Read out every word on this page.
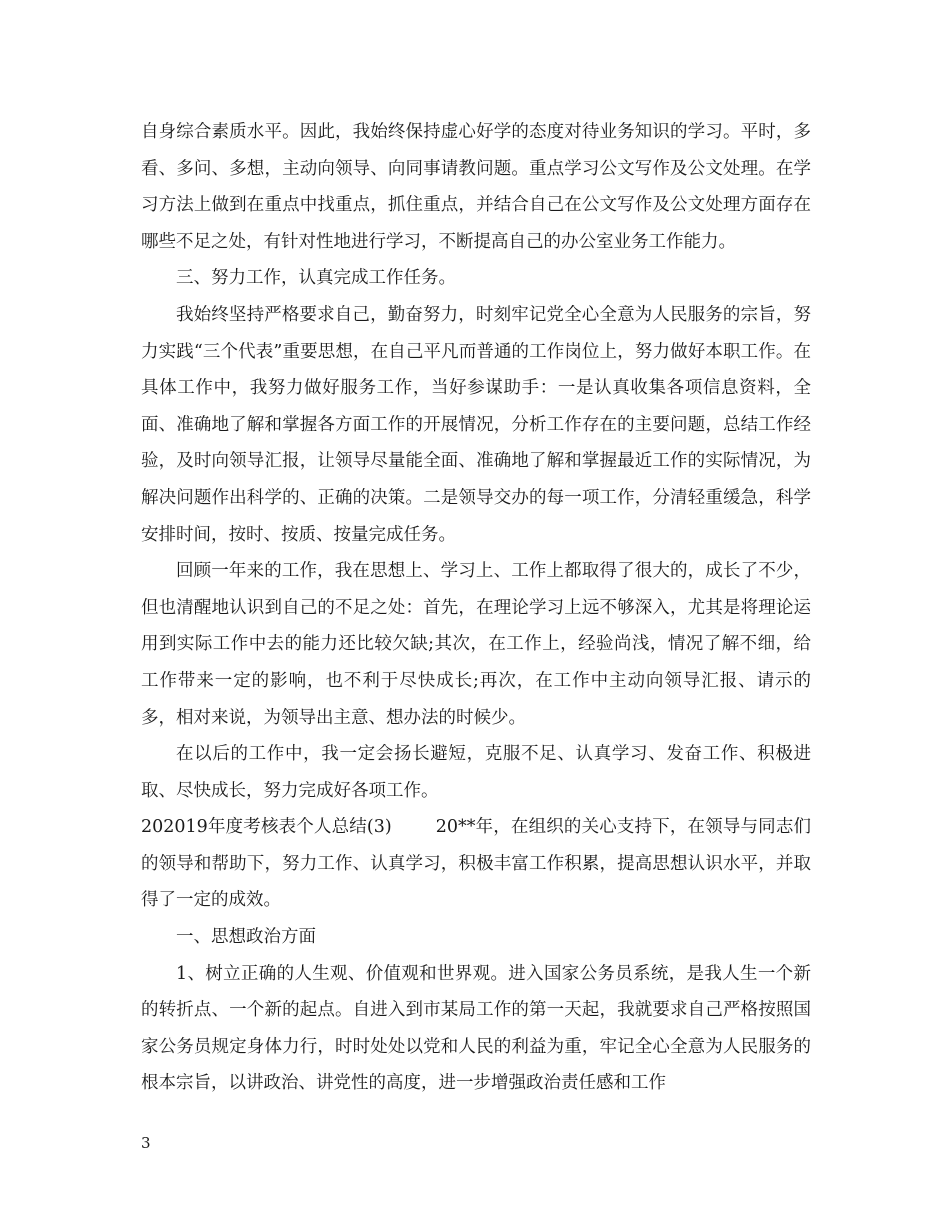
自身综合素质水平。因此，我始终保持虚心好学的态度对待业务知识的学习。平时，多看、多问、多想，主动向领导、向同事请教问题。重点学习公文写作及公文处理。在学习方法上做到在重点中找重点，抓住重点，并结合自己在公文写作及公文处理方面存在哪些不足之处，有针对性地进行学习，不断提高自己的办公室业务工作能力。

三、努力工作，认真完成工作任务。

我始终坚持严格要求自己，勤奋努力，时刻牢记党全心全意为人民服务的宗旨，努力实践“三个代表”重要思想，在自己平凡而普通的工作岗位上，努力做好本职工作。在具体工作中，我努力做好服务工作，当好参谋助手：一是认真收集各项信息资料，全面、准确地了解和掌握各方面工作的开展情况，分析工作存在的主要问题，总结工作经验，及时向领导汇报，让领导尽量能全面、准确地了解和掌握最近工作的实际情况，为解决问题作出科学的、正确的决策。二是领导交办的每一项工作，分清轻重缓急，科学安排时间，按时、按质、按量完成任务。

回顾一年来的工作，我在思想上、学习上、工作上都取得了很大的，成长了不少，但也清醒地认识到自己的不足之处：首先，在理论学习上远不够深入，尤其是将理论运用到实际工作中去的能力还比较欠缺;其次，在工作上，经验尚浅，情况了解不细，给工作带来一定的影响，也不利于尽快成长;再次，在工作中主动向领导汇报、请示的多，相对来说，为领导出主意、想办法的时候少。

在以后的工作中，我一定会扬长避短，克服不足、认真学习、发奋工作、积极进取、尽快成长，努力完成好各项工作。

202019年度考核表个人总结(3)	20**年，在组织的关心支持下，在领导与同志们的领导和帮助下，努力工作、认真学习，积极丰富工作积累，提高思想认识水平，并取得了一定的成效。

一、思想政治方面

1、树立正确的人生观、价值观和世界观。进入国家公务员系统，是我人生一个新的转折点、一个新的起点。自进入到市某局工作的第一天起，我就要求自己严格按照国家公务员规定身体力行，时时处处以党和人民的利益为重，牢记全心全意为人民服务的根本宗旨，以讲政治、讲党性的高度，进一步增强政治责任感和工作

3
